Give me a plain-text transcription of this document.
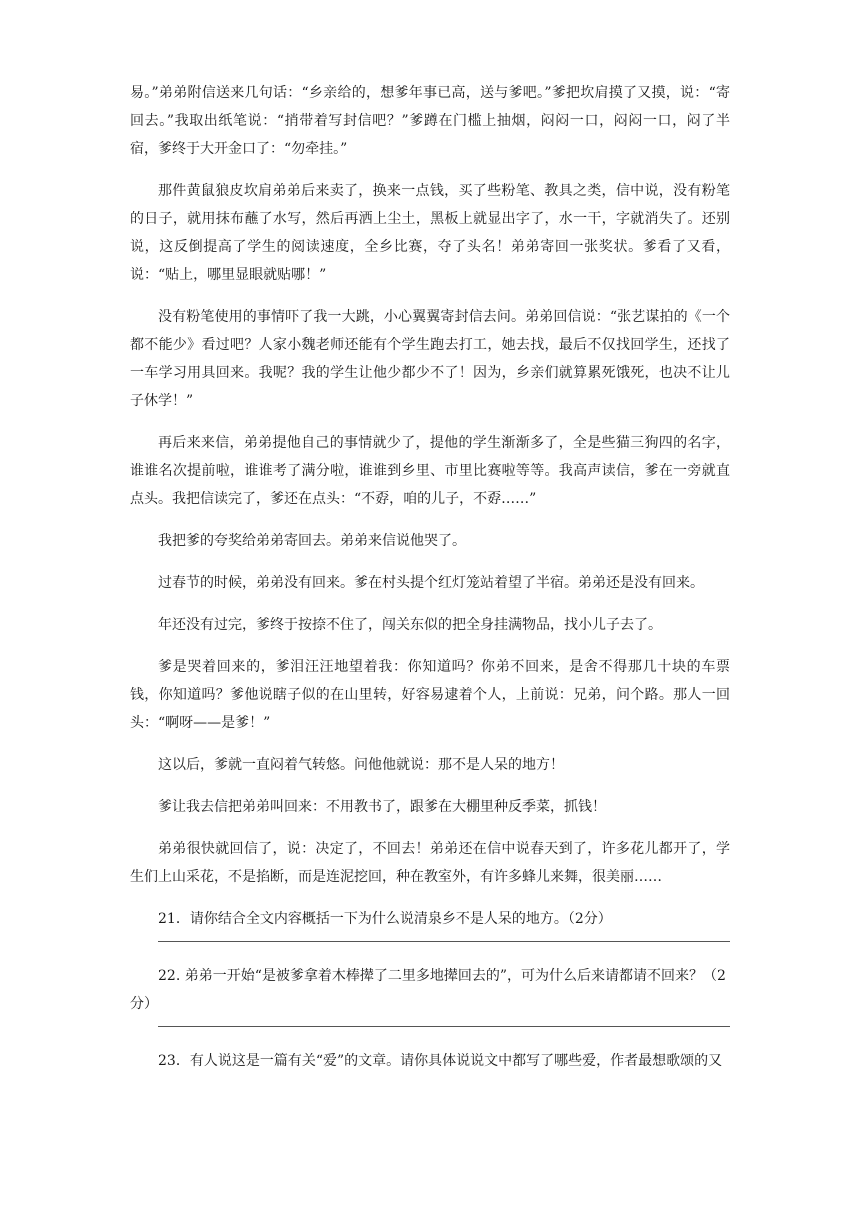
易。”弟弟附信送来几句话：“乡亲给的，想爹年事已高，送与爹吧。”爹把坎肩摸了又摸，说：“寄回去。”我取出纸笔说：“捎带着写封信吧？”爹蹲在门槛上抽烟，闷闷一口，闷闷一口，闷了半宿，爹终于大开金口了：“勿牵挂。”

那件黄鼠狼皮坎肩弟弟后来卖了，换来一点钱，买了些粉笔、教具之类，信中说，没有粉笔的日子，就用抹布蘸了水写，然后再洒上尘土，黑板上就显出字了，水一干，字就消失了。还别说，这反倒提高了学生的阅读速度，全乡比赛，夺了头名！弟弟寄回一张奖状。爹看了又看，说：“贴上，哪里显眼就贴哪！”

没有粉笔使用的事情吓了我一大跳，小心翼翼寄封信去问。弟弟回信说：“张艺谋拍的《一个都不能少》看过吧？人家小魏老师还能有个学生跑去打工，她去找，最后不仅找回学生，还找了一车学习用具回来。我呢？我的学生让他少都少不了！因为，乡亲们就算累死饿死，也决不让儿子休学！”

再后来来信，弟弟提他自己的事情就少了，提他的学生渐渐多了，全是些猫三狗四的名字，谁谁名次提前啦，谁谁考了满分啦，谁谁到乡里、市里比赛啦等等。我高声读信，爹在一旁就直点头。我把信读完了，爹还在点头：“不孬，咱的儿子，不孬……”

我把爹的夸奖给弟弟寄回去。弟弟来信说他哭了。

过春节的时候，弟弟没有回来。爹在村头提个红灯笼站着望了半宿。弟弟还是没有回来。

年还没有过完，爹终于按捺不住了，闯关东似的把全身挂满物品，找小儿子去了。

爹是哭着回来的，爹泪汪汪地望着我：你知道吗？你弟不回来，是舍不得那几十块的车票钱，你知道吗？爹他说瞎子似的在山里转，好容易逮着个人，上前说：兄弟，问个路。那人一回头：“啊呀——是爹！”

这以后，爹就一直闷着气转悠。问他他就说：那不是人呆的地方！

爹让我去信把弟弟叫回来：不用教书了，跟爹在大棚里种反季菜，抓钱！

弟弟很快就回信了，说：决定了，不回去！弟弟还在信中说春天到了，许多花儿都开了，学生们上山采花，不是掐断，而是连泥挖回，种在教室外，有许多蜂儿来舞，很美丽……

21．请你结合全文内容概括一下为什么说清泉乡不是人呆的地方。（2分）

22. 弟弟一开始“是被爹拿着木棒撵了二里多地撵回去的”，可为什么后来请都请不回来？（2分）

23．有人说这是一篇有关“爱”的文章。请你具体说说文中都写了哪些爱，作者最想歌颂的又
